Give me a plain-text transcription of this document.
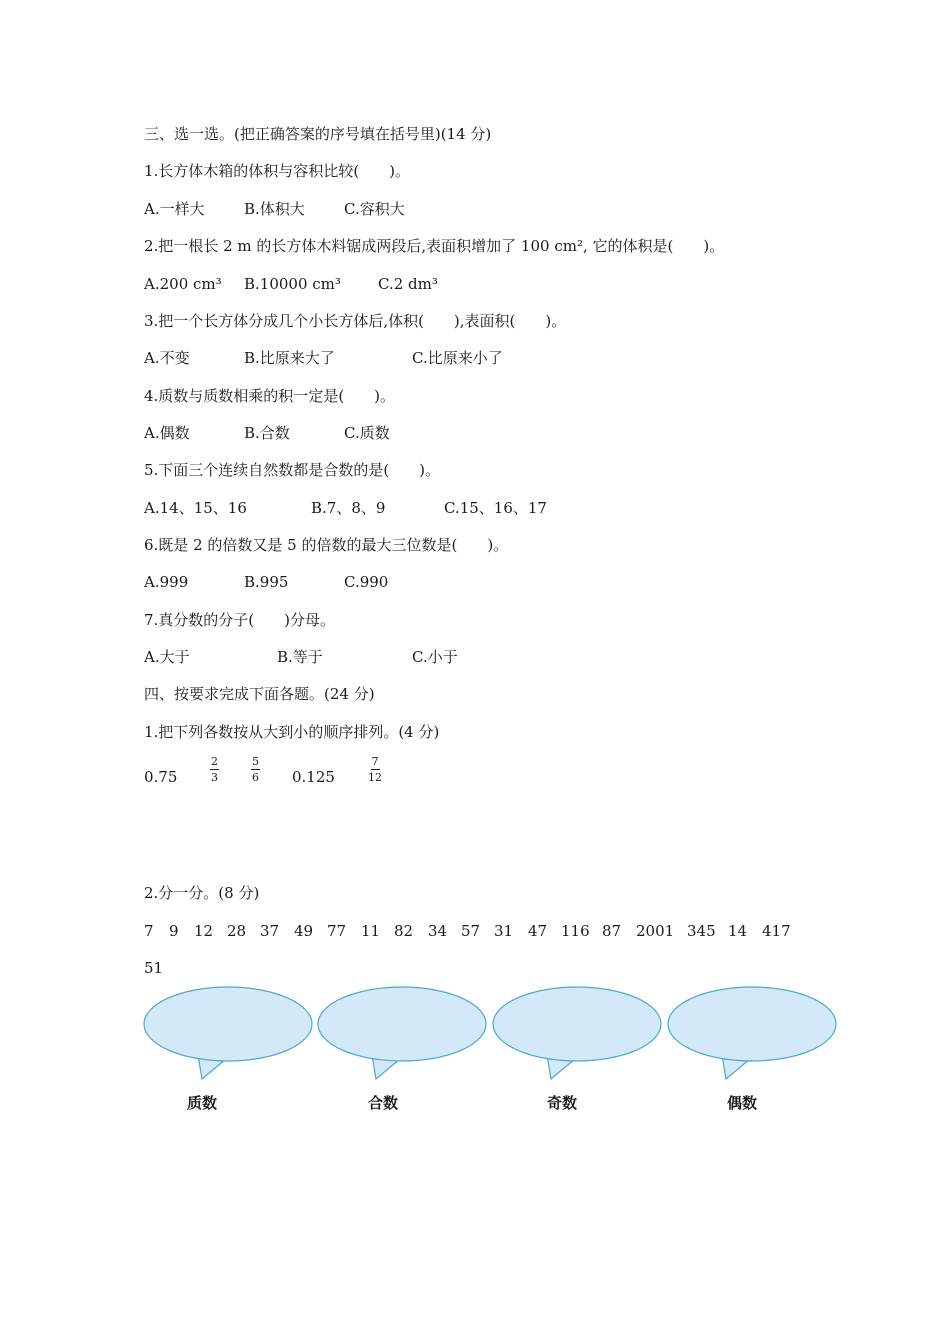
三、选一选。(把正确答案的序号填在括号里)(14 分)
1.长方体木箱的体积与容积比较(　　)。
A.一样大	B.体积大	C.容积大
2.把一根长 2 m 的长方体木料锯成两段后,表面积增加了 100 cm², 它的体积是(　　)。
A.200 cm³ B.10000 cm³ C.2 dm³
3.把一个长方体分成几个小长方体后,体积(　　),表面积(　　)。
A.不变	B.比原来大了	C.比原来小了
4.质数与质数相乘的积一定是(　　)。
A.偶数	B.合数	C.质数
5.下面三个连续自然数都是合数的是(　　)。
A.14、15、16	B.7、8、9	C.15、16、17
6.既是 2 的倍数又是 5 的倍数的最大三位数是(　　)。
A.999	B.995	C.990
7.真分数的分子(　　)分母。
A.大于	B.等于	C.小于
四、按要求完成下面各题。(24 分)
1.把下列各数按从大到小的顺序排列。(4 分)
0.75	$\frac{2}{3}$	$\frac{5}{6} 0.125$	$\frac{7}{12}$
2.分一分。(8 分)
7 9 12 28 37 49 77 11 82 34 57 31 47 116 87 2001 345 14 417
51
质数	合数	奇数	偶数
